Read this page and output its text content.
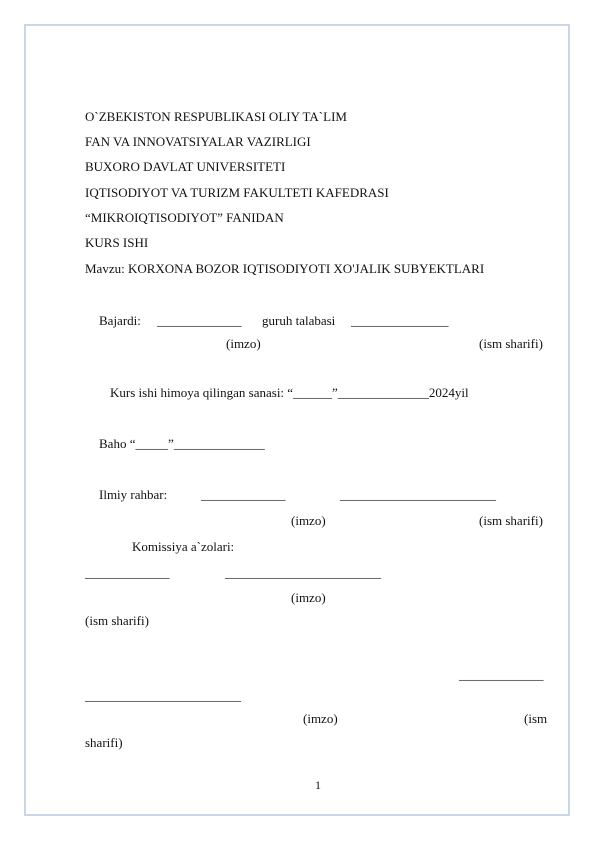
O`ZBEKISTON RESPUBLIKASI OLIY TA`LIM
FAN VA INNOVATSIYALAR VAZIRLIGI
BUXORO DAVLAT UNIVERSITETI
IQTISODIYOT VA TURIZM FAKULTETI KAFEDRASI
“MIKROIQTISODIYOT” FANIDAN
KURS ISHI
Mavzu: KORXONA BOZOR IQTISODIYOTI XO'JALIK SUBYEKTLARI
Bajardi: _____________ guruh talabasi _______________
(imzo)	(ism sharifi)
Kurs ishi himoya qilingan sanasi: “______”______________2024yil
Baho “_____”______________
Ilmiy rahbar:	_____________	________________________
(imzo)	(ism sharifi)
Komissiya a`zolari:
_____________	________________________
(imzo)
(ism sharifi)
_____________
________________________
(imzo)	(ism
sharifi)
1
